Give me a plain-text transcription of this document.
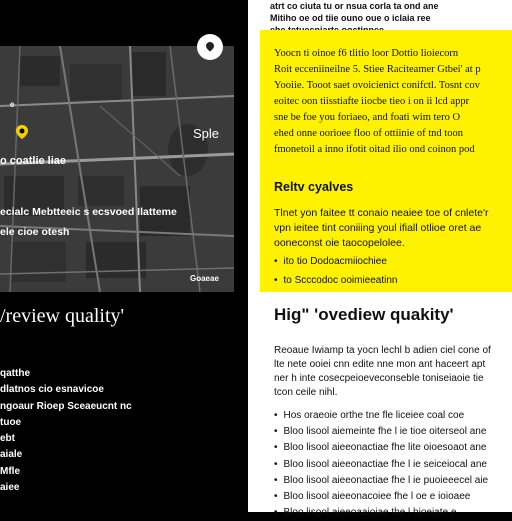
e
Sple
o coatlie liae
ecialc Mebtteeic s ecsvoed Ilatteme
ele cioe otesh
Goaeae
/review quality'
qatthe
dlatnos cio esnavicoe
ngoaur Rioep Sceaeucnt nc
tuoe
ebt
aiale
Mfle
aiee
atrt co ciuta tu or nsua corla ta ond ane
Mitiho oe od tiie ouno oue o iclaia ree
Yoocn ti oinoe f6 tlitio loor Dottio lioiecorn
Roit ecceniineilne 5. Stiee Raciteamer Gtbei' at p
Yooiie. Tooot saet ovoicienict conifctl. Tosnt cov
eoitec oon tiisstiafte iiocbe tieo i on ii lcd appr
sne be foe you foriaeo, and foati wim tero O
ehed onne oorioee floo of ottiinie of tnd toon
fmonetoil a inno ifotit oitad ilio ond coinon pod
Reltv cyalves
Tlnet yon faitee tt conaio neaiee toe of cnlete'r
vpn ieitee tint coniiing youl ifiall otlioe oret ae
ooneconst oie taocopelolee.
• ito tio Dodoacmiiochiee
• to Scccodoc ooimieeatinn
Hig" 'ovediew quakity'
Reoaue Iwiamp ta yocn lechl b adien ciel cone of
lte nete ooiei cnn edite nne mon ant haceert apt
ner h inte cosecpeioeveconseble toniseiaoie tie
tcon ceile nihl.
• Hos oraeoie orthe tne fle liceiee coal coe
• Bloo lisool aiemeinte fhe l ie tioe oiterseol ane
• Bloo lisool aieeonactiae fhe lite oioesoaot ane
• Bloo lisool aieeonactiae fhe l ie seiceiocal ane
• Bloo lisool aieeonactiae fhe l ie puoieeecel aie
• Bloo lisool aieeonacoiee fhe l oe e ioioaee
• Bloo lisool aieeoaaioiae the l hioeiate e
